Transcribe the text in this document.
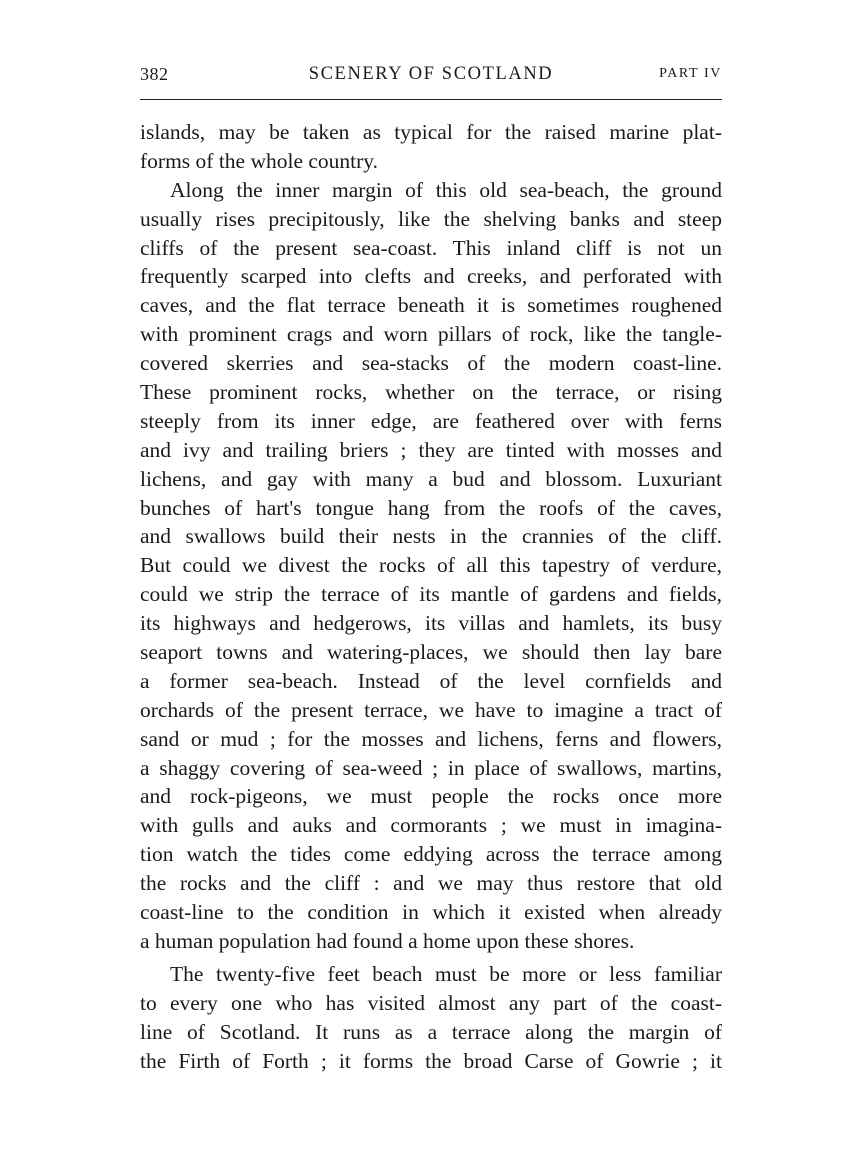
382	SCENERY OF SCOTLAND	PART IV
islands, may be taken as typical for the raised marine plat-
forms of the whole country.
Along the inner margin of this old sea-beach, the ground
usually rises precipitously, like the shelving banks and steep
cliffs of the present sea-coast. This inland cliff is not un
frequently scarped into clefts and creeks, and perforated with
caves, and the flat terrace beneath it is sometimes roughened
with prominent crags and worn pillars of rock, like the tangle-
covered skerries and sea-stacks of the modern coast-line.
These prominent rocks, whether on the terrace, or rising
steeply from its inner edge, are feathered over with ferns
and ivy and trailing briers ; they are tinted with mosses and
lichens, and gay with many a bud and blossom. Luxuriant
bunches of hart's tongue hang from the roofs of the caves,
and swallows build their nests in the crannies of the cliff.
But could we divest the rocks of all this tapestry of verdure,
could we strip the terrace of its mantle of gardens and fields,
its highways and hedgerows, its villas and hamlets, its busy
seaport towns and watering-places, we should then lay bare
a former sea-beach. Instead of the level cornfields and
orchards of the present terrace, we have to imagine a tract of
sand or mud ; for the mosses and lichens, ferns and flowers,
a shaggy covering of sea-weed ; in place of swallows, martins,
and rock-pigeons, we must people the rocks once more
with gulls and auks and cormorants ; we must in imagina-
tion watch the tides come eddying across the terrace among
the rocks and the cliff : and we may thus restore that old
coast-line to the condition in which it existed when already
a human population had found a home upon these shores.
The twenty-five feet beach must be more or less familiar
to every one who has visited almost any part of the coast-
line of Scotland. It runs as a terrace along the margin of
the Firth of Forth ; it forms the broad Carse of Gowrie ; it
